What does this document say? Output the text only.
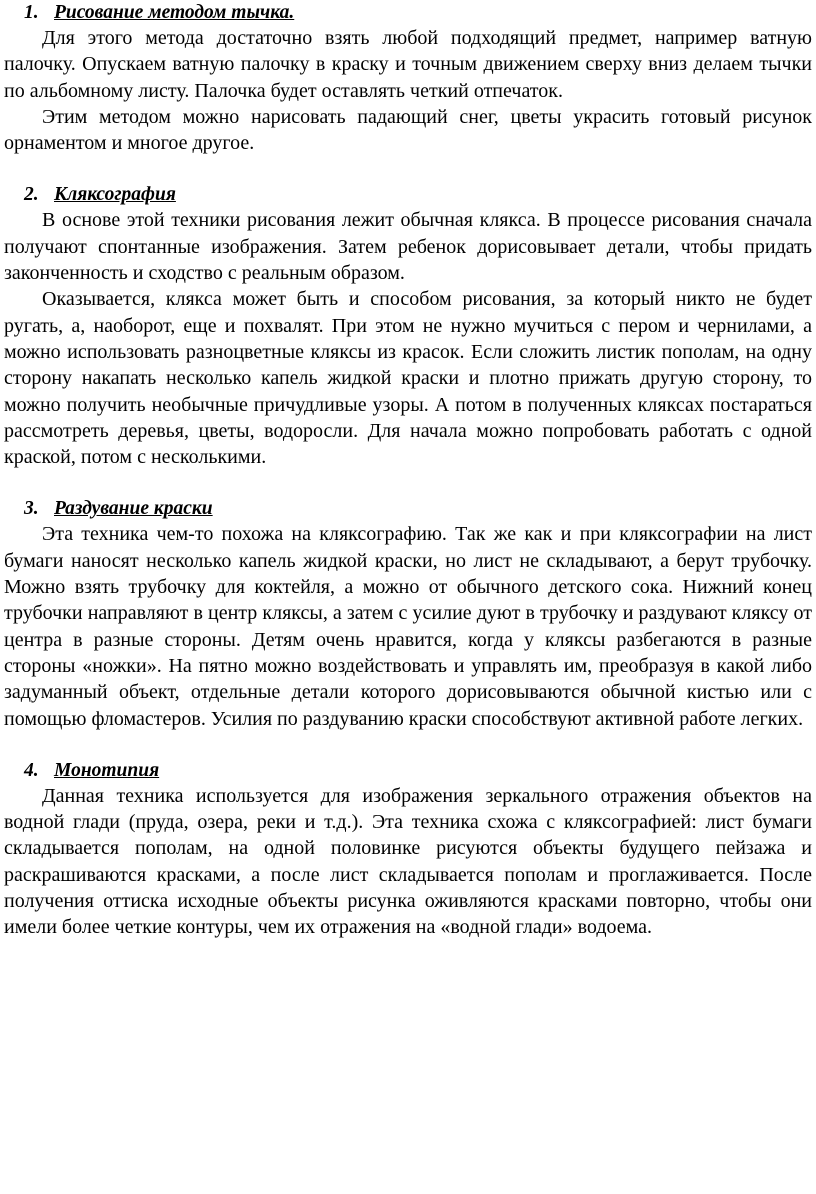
1. Рисование методом тычка.

Для этого метода достаточно взять любой подходящий предмет, например ватную палочку. Опускаем ватную палочку в краску и точным движением сверху вниз делаем тычки по альбомному листу. Палочка будет оставлять четкий отпечаток.

Этим методом можно нарисовать падающий снег, цветы украсить готовый рисунок орнаментом и многое другое.

2. Кляксография

В основе этой техники рисования лежит обычная клякса. В процессе рисования сначала получают спонтанные изображения. Затем ребенок дорисовывает детали, чтобы придать законченность и сходство с реальным образом.

Оказывается, клякса может быть и способом рисования, за который никто не будет ругать, а, наоборот, еще и похвалят. При этом не нужно мучиться с пером и чернилами, а можно использовать разноцветные кляксы из красок. Если сложить листик пополам, на одну сторону накапать несколько капель жидкой краски и плотно прижать другую сторону, то можно получить необычные причудливые узоры. А потом в полученных кляксах постараться рассмотреть деревья, цветы, водоросли. Для начала можно попробовать работать с одной краской, потом с несколькими.

3. Раздувание краски

Эта техника чем-то похожа на кляксографию. Так же как и при кляксографии на лист бумаги наносят несколько капель жидкой краски, но лист не складывают, а берут трубочку. Можно взять трубочку для коктейля, а можно от обычного детского сока. Нижний конец трубочки направляют в центр кляксы, а затем с усилие дуют в трубочку и раздувают кляксу от центра в разные стороны. Детям очень нравится, когда у кляксы разбегаются в разные стороны «ножки». На пятно можно воздействовать и управлять им, преобразуя в какой либо задуманный объект, отдельные детали которого дорисовываются обычной кистью или с помощью фломастеров. Усилия по раздуванию краски способствуют активной работе легких.

4. Монотипия

Данная техника используется для изображения зеркального отражения объектов на водной глади (пруда, озера, реки и т.д.). Эта техника схожа с кляксографией: лист бумаги складывается пополам, на одной половинке рисуются объекты будущего пейзажа и раскрашиваются красками, а после лист складывается пополам и проглаживается. После получения оттиска исходные объекты рисунка оживляются красками повторно, чтобы они имели более четкие контуры, чем их отражения на «водной глади» водоема.
